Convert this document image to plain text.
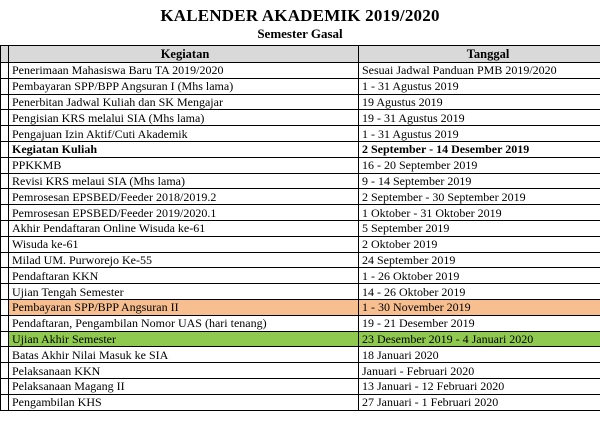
KALENDER AKADEMIK 2019/2020
Semester Gasal
	Kegiatan	Tanggal
	Penerimaan Mahasiswa Baru TA 2019/2020	Sesuai Jadwal Panduan PMB 2019/2020
	Pembayaran SPP/BPP Angsuran I (Mhs lama)	1 - 31 Agustus 2019
	Penerbitan Jadwal Kuliah dan SK Mengajar	19 Agustus 2019
	Pengisian KRS melalui SIA (Mhs lama)	19 - 31 Agustus 2019
	Pengajuan Izin Aktif/Cuti Akademik	1 - 31 Agustus 2019
	Kegiatan Kuliah	2 September - 14 Desember 2019
	PPKKMB	16 - 20 September 2019
	Revisi KRS melaui SIA (Mhs lama)	9 - 14 September 2019
	Pemrosesan EPSBED/Feeder 2018/2019.2	2 September - 30 September 2019
	Pemrosesan EPSBED/Feeder 2019/2020.1	1 Oktober - 31 Oktober 2019
	Akhir Pendaftaran Online Wisuda ke-61	5 September 2019
	Wisuda ke-61	2 Oktober 2019
	Milad UM. Purworejo Ke-55	24 September 2019
	Pendaftaran KKN	1 - 26 Oktober 2019
	Ujian Tengah Semester	14 - 26 Oktober 2019
	Pembayaran SPP/BPP Angsuran II	1 - 30 November 2019
	Pendaftaran, Pengambilan Nomor UAS (hari tenang)	19 - 21 Desember 2019
	Ujian Akhir Semester	23 Desember 2019 - 4 Januari 2020
	Batas Akhir Nilai Masuk ke SIA	18 Januari 2020
	Pelaksanaan KKN	Januari - Februari 2020
	Pelaksanaan Magang II	13 Januari - 12 Februari 2020
	Pengambilan KHS	27 Januari - 1 Februari 2020
